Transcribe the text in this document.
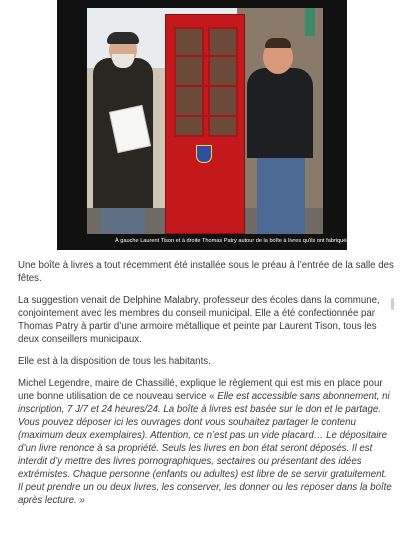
À gauche Laurent Tison et à droite Thomas Patry autour de la boîte à livres qu'ils ont fabriquée. | LE MAINE LIBRE

Une boîte à livres a tout récemment été installée sous le préau à l’entrée de la salle des fêtes.

La suggestion venait de Delphine Malabry, professeur des écoles dans la commune, conjointement avec les membres du conseil municipal. Elle a été confectionnée par Thomas Patry à partir d’une armoire métallique et peinte par Laurent Tison, tous les deux conseillers municipaux.

Elle est à la disposition de tous les habitants.

Michel Legendre, maire de Chassillé, explique le règlement qui est mis en place pour une bonne utilisation de ce nouveau service « Elle est accessible sans abonnement, ni inscription, 7 J/7 et 24 heures/24. La boîte à livres est basée sur le don et le partage. Vous pouvez déposer ici les ouvrages dont vous souhaitez partager le contenu (maximum deux exemplaires). Attention, ce n’est pas un vide placard… Le dépositaire d’un livre renonce à sa propriété. Seuls les livres en bon état seront déposés. Il est interdit d’y mettre des livres pornographiques, sectaires ou présentant des idées extrémistes. Chaque personne (enfants ou adultes) est libre de se servir gratuitement. Il peut prendre un ou deux livres, les conserver, les donner ou les reposer dans la boîte après lecture. »
